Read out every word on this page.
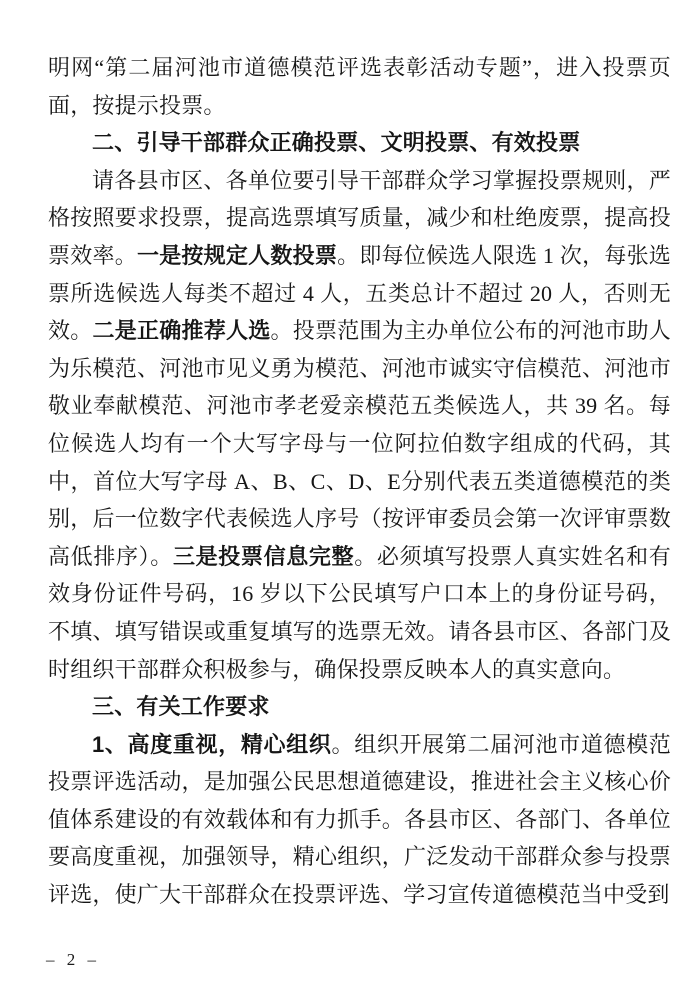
明网“第二届河池市道德模范评选表彰活动专题”，进入投票页面，按提示投票。

二、引导干部群众正确投票、文明投票、有效投票

请各县市区、各单位要引导干部群众学习掌握投票规则，严格按照要求投票，提高选票填写质量，减少和杜绝废票，提高投票效率。一是按规定人数投票。即每位候选人限选 1 次，每张选票所选候选人每类不超过 4 人，五类总计不超过 20 人，否则无效。二是正确推荐人选。投票范围为主办单位公布的河池市助人为乐模范、河池市见义勇为模范、河池市诚实守信模范、河池市敬业奉献模范、河池市孝老爱亲模范五类候选人，共 39 名。每位候选人均有一个大写字母与一位阿拉伯数字组成的代码，其中，首位大写字母 A、B、C、D、E分别代表五类道德模范的类别，后一位数字代表候选人序号（按评审委员会第一次评审票数高低排序）。三是投票信息完整。必须填写投票人真实姓名和有效身份证件号码，16 岁以下公民填写户口本上的身份证号码，不填、填写错误或重复填写的选票无效。请各县市区、各部门及时组织干部群众积极参与，确保投票反映本人的真实意向。

三、有关工作要求

1、高度重视，精心组织。组织开展第二届河池市道德模范投票评选活动，是加强公民思想道德建设，推进社会主义核心价值体系建设的有效载体和有力抓手。各县市区、各部门、各单位要高度重视，加强领导，精心组织，广泛发动干部群众参与投票评选，使广大干部群众在投票评选、学习宣传道德模范当中受到

– 2 –
